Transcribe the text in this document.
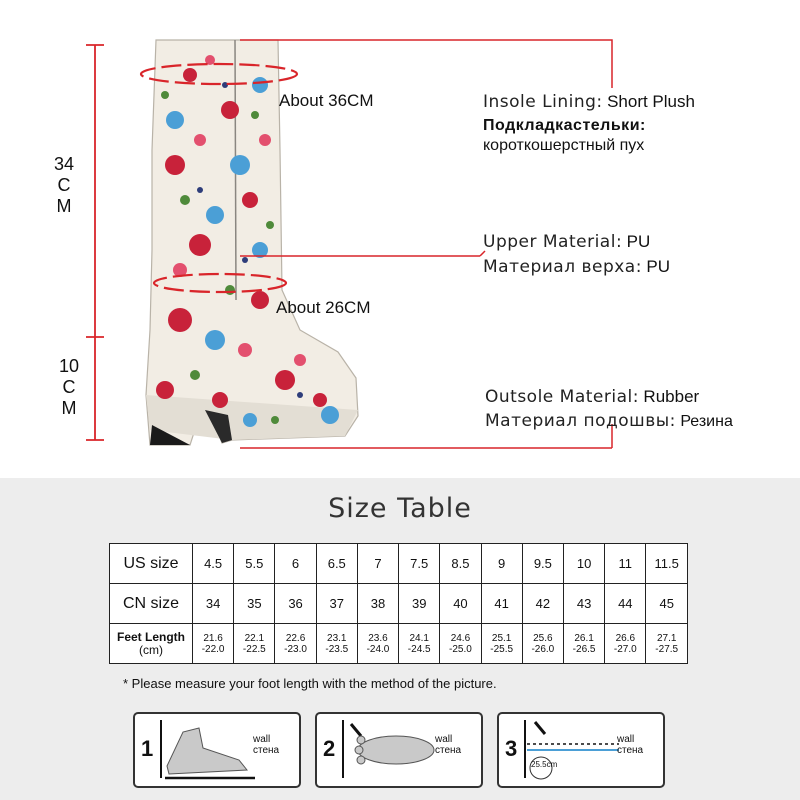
About 36CM
About 26CM
34
C
M
10
C
M
Insole Lining: Short Plush
Подкладкастельки:
короткошерстный пух
Upper Material: PU
Материал верха: PU
Outsole Material: Rubber
Материал подошвы: Резина
Size Table
US size	4.5	5.5	6	6.5	7	7.5	8.5	9	9.5	10	11	11.5
CN size	34	35	36	37	38	39	40	41	42	43	44	45

Feet Length
(cm)	21.6 -22.0	22.1 -22.5	22.6 -23.0	23.1 -23.5	23.6 -24.0	24.1 -24.5	24.6 -25.0	25.1 -25.5	25.6 -26.0	26.1 -26.5	26.6 -27.0	27.1 -27.5
* Please measure your foot length with the method of the picture.
1	wall
стена 2	wall
стена 3
25.5cm
wall
стена
